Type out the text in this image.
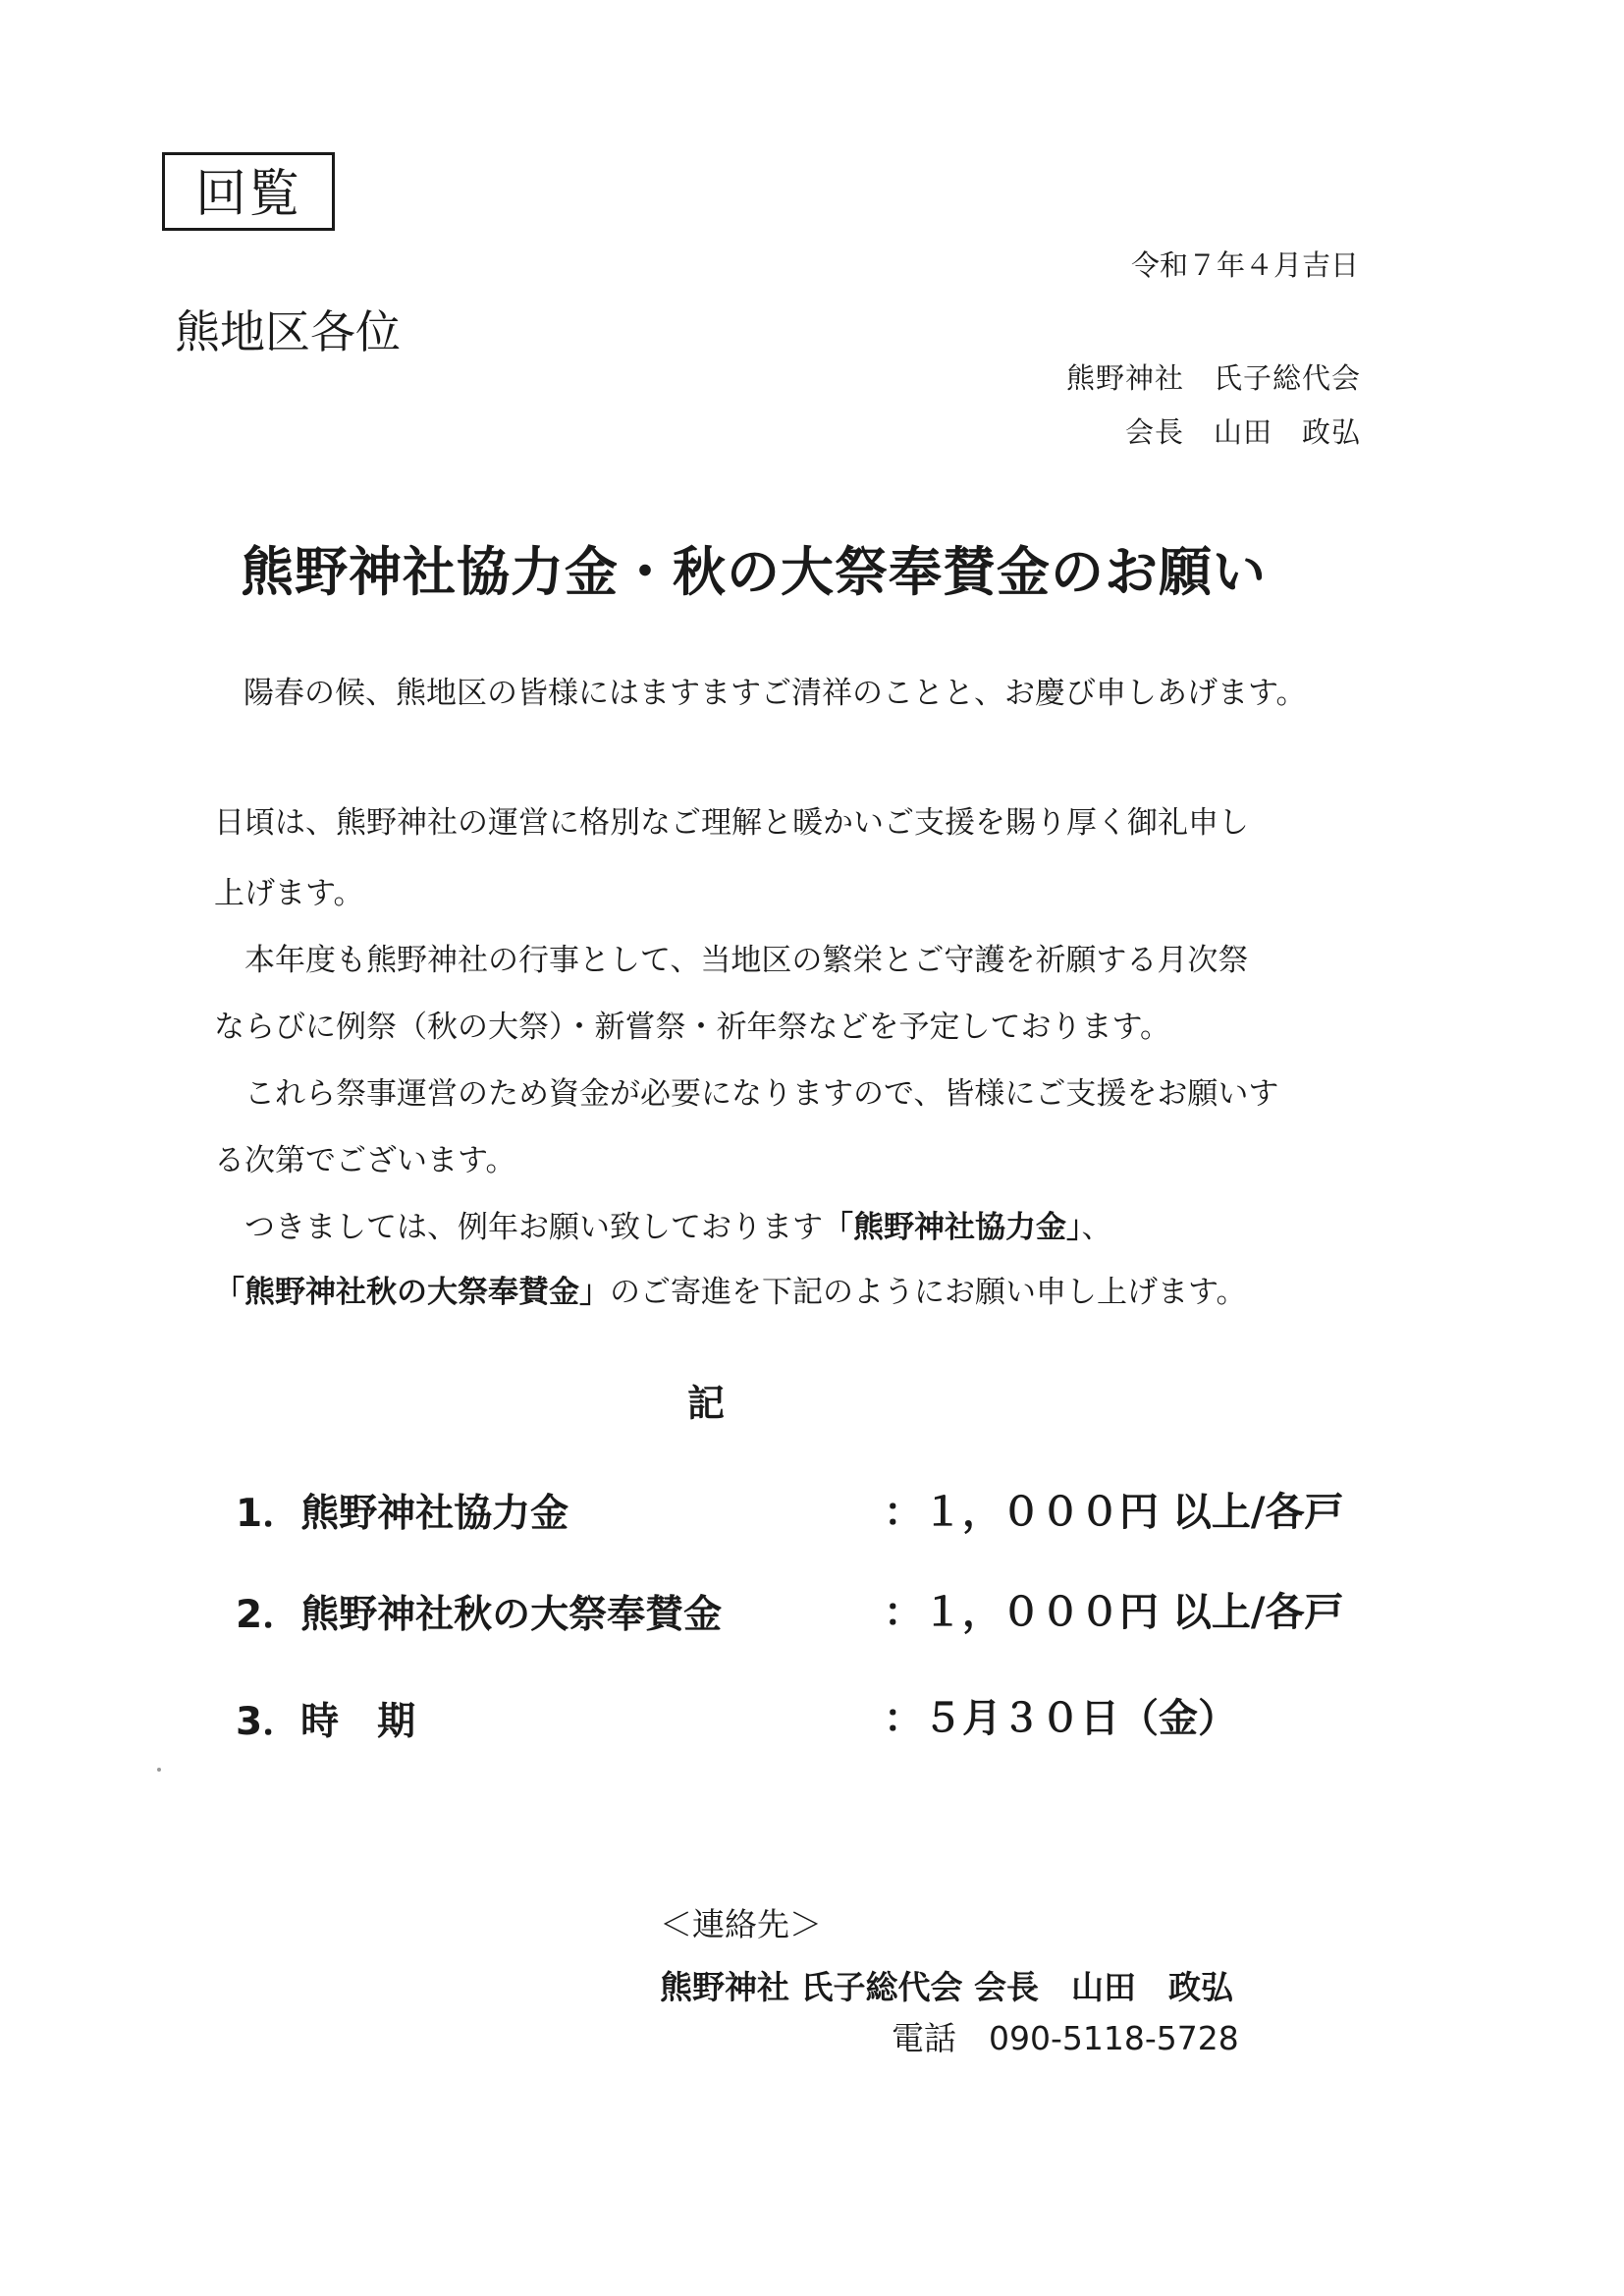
回覧
令和７年４月吉日
熊地区各位
熊野神社　氏子総代会
会長　山田　政弘
熊野神社協力金・秋の大祭奉賛金のお願い
陽春の候、熊地区の皆様にはますますご清祥のことと、お慶び申しあげます。
日頃は、熊野神社の運営に格別なご理解と暖かいご支援を賜り厚く御礼申し
上げます。
　本年度も熊野神社の行事として、当地区の繁栄とご守護を祈願する月次祭
ならびに例祭（秋の大祭）・新嘗祭・祈年祭などを予定しております。
　これら祭事運営のため資金が必要になりますので、皆様にご支援をお願いす
る次第でございます。
　つきましては、例年お願い致しております「熊野神社協力金」、
「熊野神社秋の大祭奉賛金」のご寄進を下記のようにお願い申し上げます。
記
1．熊野神社協力金	：１，０００円 以上/各戸
2．熊野神社秋の大祭奉賛金	：１，０００円 以上/各戸
3．時　期	：５月３０日（金）
＜連絡先＞
熊野神社 氏子総代会 会長　山田　政弘
電話　090-5118-5728
